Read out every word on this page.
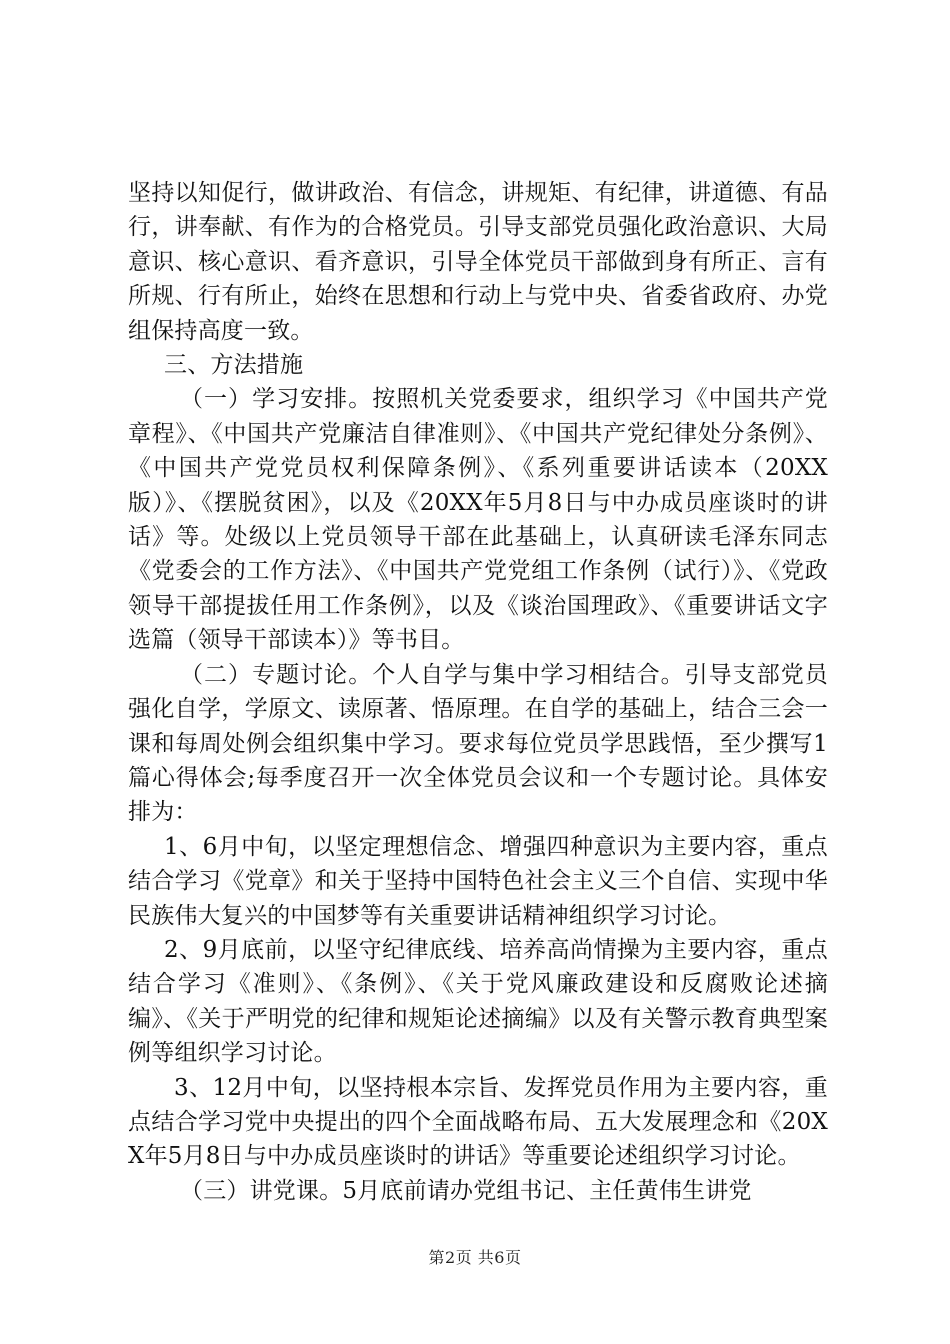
坚持以知促行，做讲政治、有信念，讲规矩、有纪律，讲道德、有品行，讲奉献、有作为的合格党员。引导支部党员强化政治意识、大局意识、核心意识、看齐意识，引导全体党员干部做到身有所正、言有所规、行有所止，始终在思想和行动上与党中央、省委省政府、办党组保持高度一致。

三、方法措施

（一）学习安排。按照机关党委要求，组织学习《中国共产党章程》、《中国共产党廉洁自律准则》、《中国共产党纪律处分条例》、《中国共产党党员权利保障条例》、《系列重要讲话读本（20XX版）》、《摆脱贫困》，以及《20XX年5月8日与中办成员座谈时的讲话》等。处级以上党员领导干部在此基础上，认真研读毛泽东同志《党委会的工作方法》、《中国共产党党组工作条例（试行）》、《党政领导干部提拔任用工作条例》，以及《谈治国理政》、《重要讲话文字选篇（领导干部读本）》等书目。

（二）专题讨论。个人自学与集中学习相结合。引导支部党员强化自学，学原文、读原著、悟原理。在自学的基础上，结合三会一课和每周处例会组织集中学习。要求每位党员学思践悟，至少撰写1篇心得体会;每季度召开一次全体党员会议和一个专题讨论。具体安排为：

1、6月中旬，以坚定理想信念、增强四种意识为主要内容，重点结合学习《党章》和关于坚持中国特色社会主义三个自信、实现中华民族伟大复兴的中国梦等有关重要讲话精神组织学习讨论。

2、9月底前，以坚守纪律底线、培养高尚情操为主要内容，重点结合学习《准则》、《条例》、《关于党风廉政建设和反腐败论述摘编》、《关于严明党的纪律和规矩论述摘编》以及有关警示教育典型案例等组织学习讨论。

3、12月中旬，以坚持根本宗旨、发挥党员作用为主要内容，重点结合学习党中央提出的四个全面战略布局、五大发展理念和《20XX年5月8日与中办成员座谈时的讲话》等重要论述组织学习讨论。

（三）讲党课。5月底前请办党组书记、主任黄伟生讲党

第2页 共6页
